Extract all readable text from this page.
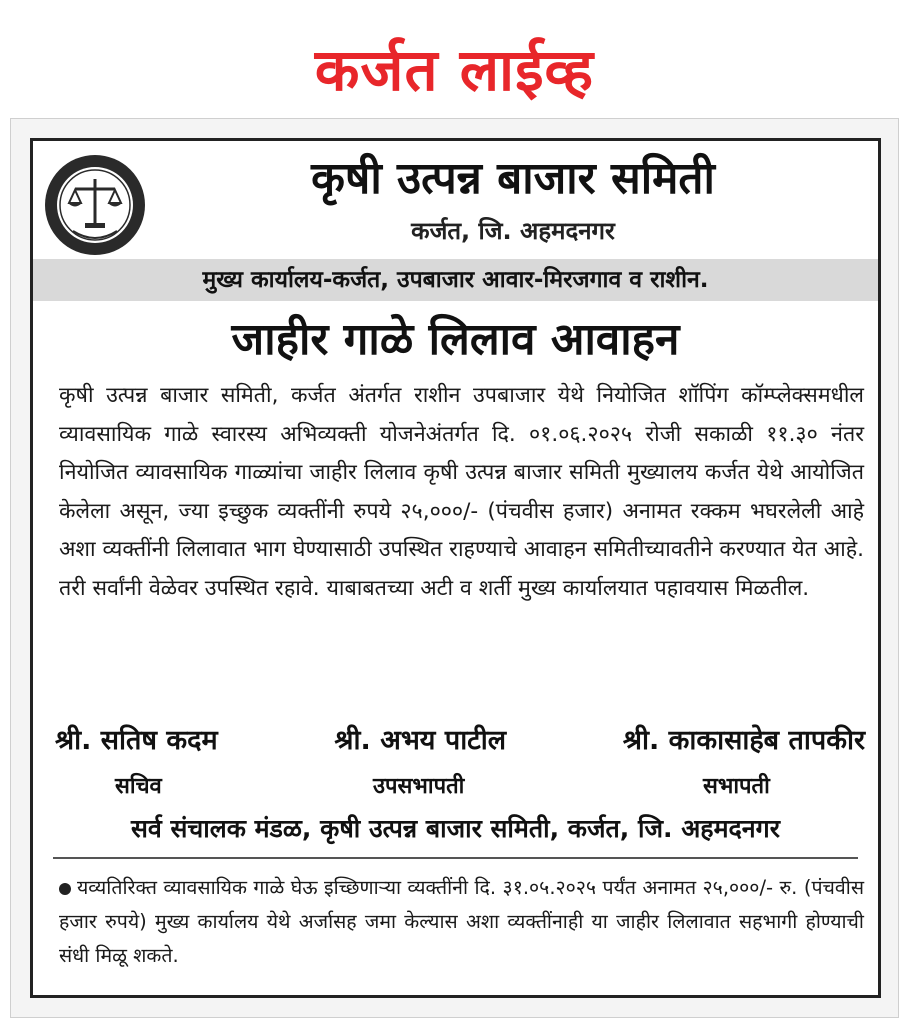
कर्जत लाईव्ह
कृषी उत्पन्न बाजार समिती
कर्जत, जि. अहमदनगर
मुख्य कार्यालय-कर्जत, उपबाजार आवार-मिरजगाव व राशीन.
जाहीर गाळे लिलाव आवाहन

कृषी उत्पन्न बाजार समिती, कर्जत अंतर्गत राशीन उपबाजार येथे नियोजित शॉपिंग कॉम्प्लेक्समधील व्यावसायिक गाळे स्वारस्य अभिव्यक्ती योजनेअंतर्गत दि. ०१.०६.२०२५ रोजी सकाळी ११.३० नंतर नियोजित व्यावसायिक गाळ्यांचा जाहीर लिलाव कृषी उत्पन्न बाजार समिती मुख्यालय कर्जत येथे आयोजित केलेला असून, ज्या इच्छुक व्यक्तींनी रुपये २५,०००/- (पंचवीस हजार) अनामत रक्कम भघरलेली आहे अशा व्यक्तींनी लिलावात भाग घेण्यासाठी उपस्थित राहण्याचे आवाहन समितीच्यावतीने करण्यात येत आहे. तरी सर्वांनी वेळेवर उपस्थित रहावे. याबाबतच्या अटी व शर्ती मुख्य कार्यालयात पहावयास मिळतील.

श्री. सतिष कदम	श्री. अभय पाटील	श्री. काकासाहेब तापकीर
सचिव	उपसभापती	सभापती
सर्व संचालक मंडळ, कृषी उत्पन्न बाजार समिती, कर्जत, जि. अहमदनगर

यव्यतिरिक्त व्यावसायिक गाळे घेऊ इच्छिणाऱ्या व्यक्तींनी दि. ३१.०५.२०२५ पर्यंत अनामत २५,०००/- रु. (पंचवीस हजार रुपये) मुख्य कार्यालय येथे अर्जासह जमा केल्यास अशा व्यक्तींनाही या जाहीर लिलावात सहभागी होण्याची संधी मिळू शकते.
